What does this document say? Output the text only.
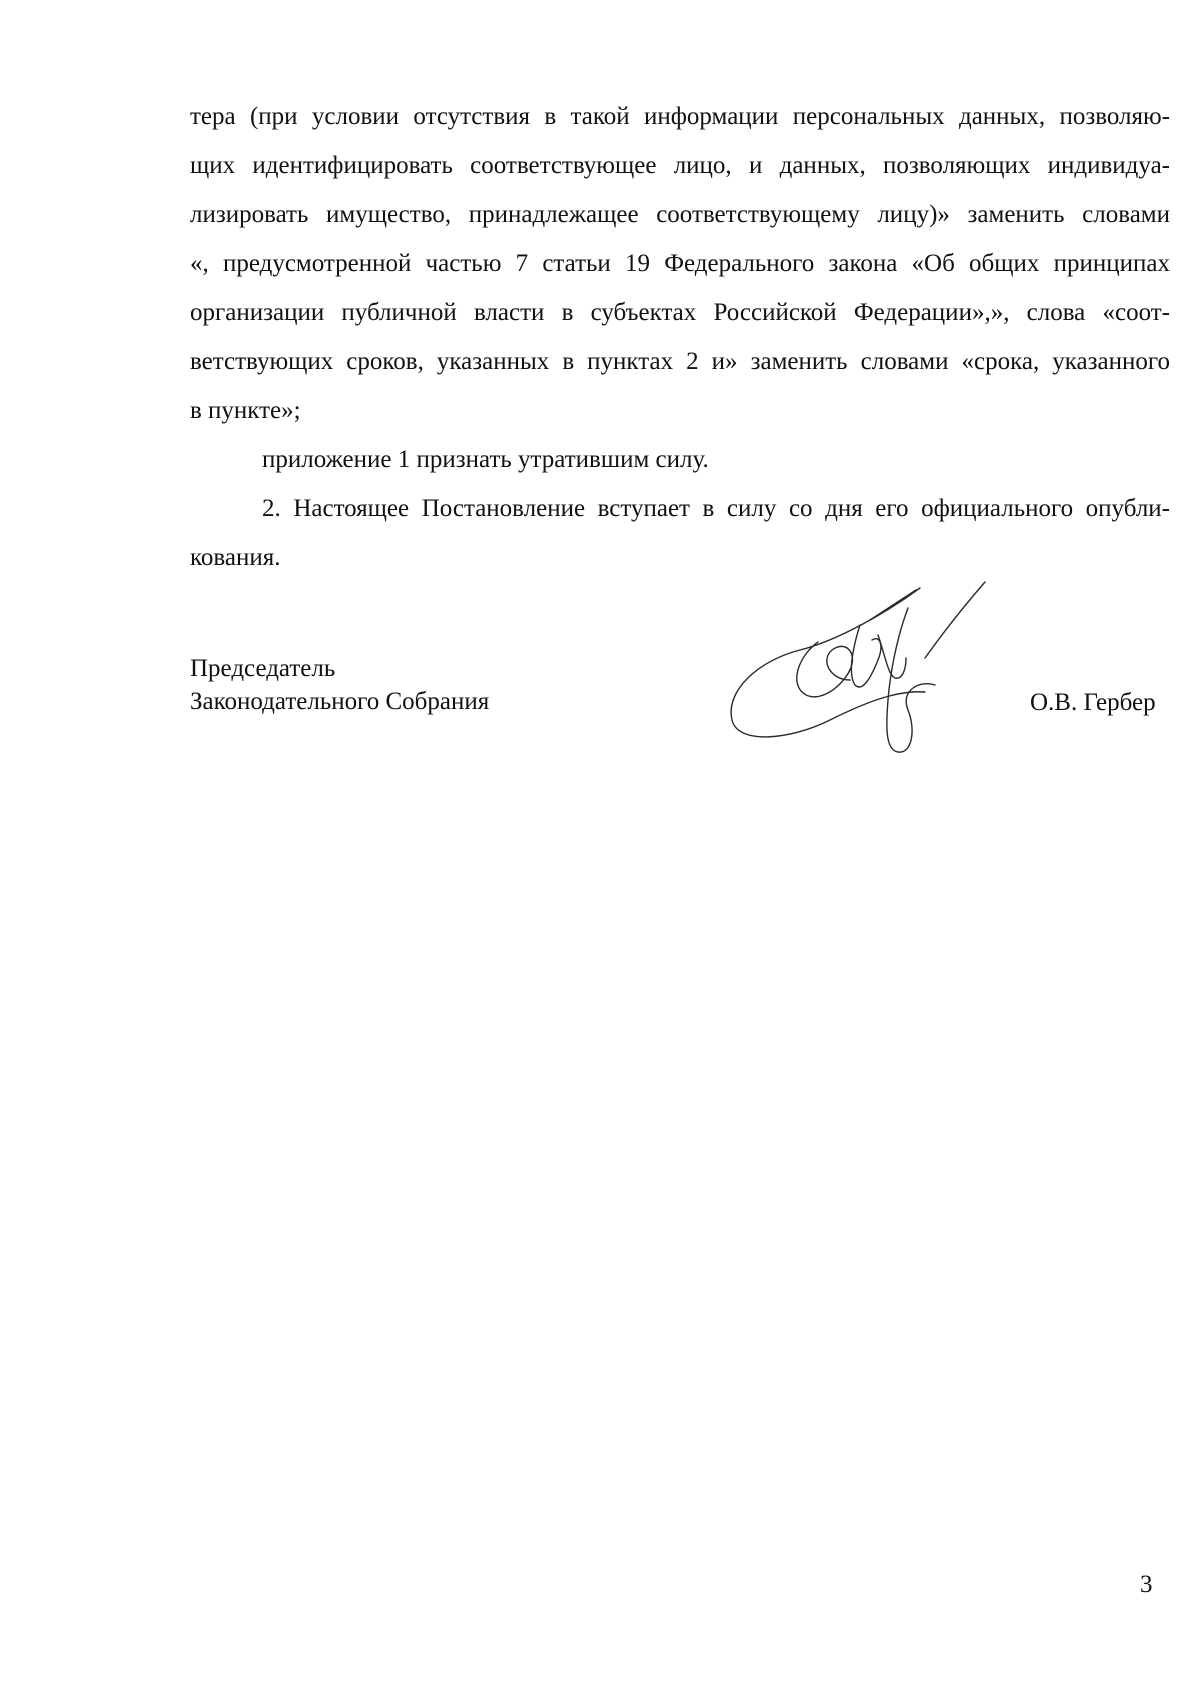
тера (при условии отсутствия в такой информации персональных данных, позволяю-
щих идентифицировать соответствующее лицо, и данных, позволяющих индивидуа-
лизировать имущество, принадлежащее соответствующему лицу)» заменить словами
«, предусмотренной частью 7 статьи 19 Федерального закона «Об общих принципах
организации публичной власти в субъектах Российской Федерации»,», слова «соот-
ветствующих сроков, указанных в пунктах 2 и» заменить словами «срока, указанного
в пункте»;
приложение 1 признать утратившим силу.
2. Настоящее Постановление вступает в силу со дня его официального опубли-
кования.
Председатель
Законодательного Собрания	О.В. Гербер
3
